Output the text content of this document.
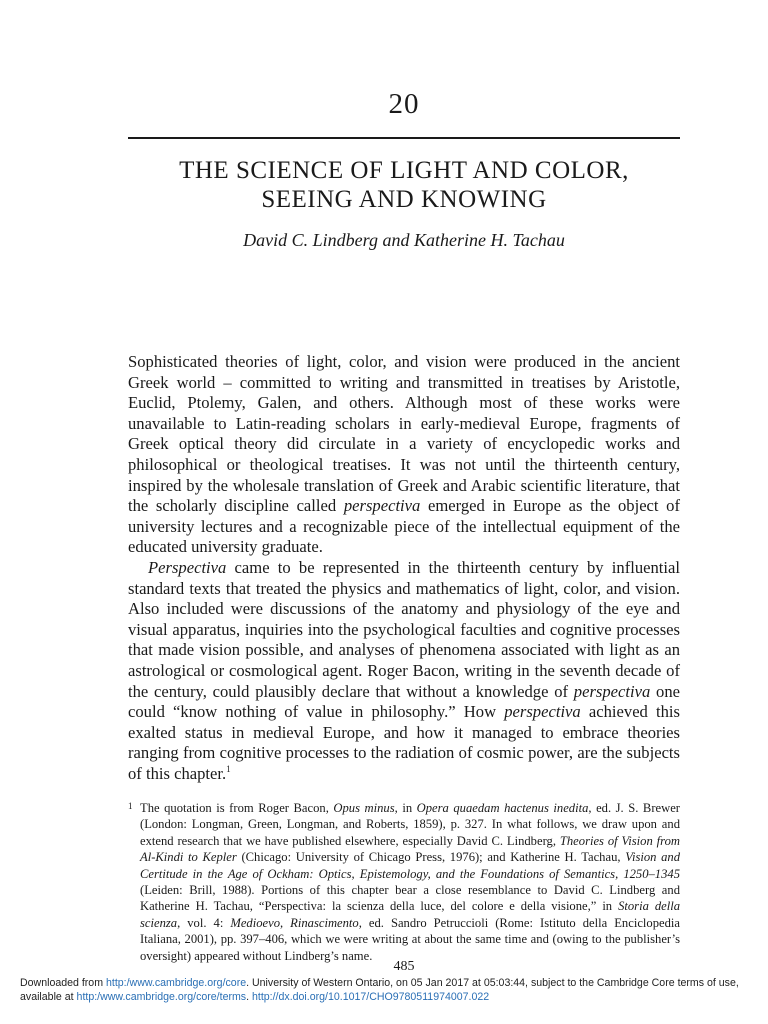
20
THE SCIENCE OF LIGHT AND COLOR,
SEEING AND KNOWING
David C. Lindberg and Katherine H. Tachau

Sophisticated theories of light, color, and vision were produced in the ancient Greek world – committed to writing and transmitted in treatises by Aristotle, Euclid, Ptolemy, Galen, and others. Although most of these works were unavailable to Latin-reading scholars in early-medieval Europe, fragments of Greek optical theory did circulate in a variety of encyclopedic works and philosophical or theological treatises. It was not until the thirteenth century, inspired by the wholesale translation of Greek and Arabic scientific literature, that the scholarly discipline called perspectiva emerged in Europe as the object of university lectures and a recognizable piece of the intellectual equipment of the educated university graduate.

Perspectiva came to be represented in the thirteenth century by influential standard texts that treated the physics and mathematics of light, color, and vision. Also included were discussions of the anatomy and physiology of the eye and visual apparatus, inquiries into the psychological faculties and cognitive processes that made vision possible, and analyses of phenomena associated with light as an astrological or cosmological agent. Roger Bacon, writing in the seventh decade of the century, could plausibly declare that without a knowledge of perspectiva one could “know nothing of value in philosophy.” How perspectiva achieved this exalted status in medieval Europe, and how it managed to embrace theories ranging from cognitive processes to the radiation of cosmic power, are the subjects of this chapter.$^1$

1 The quotation is from Roger Bacon, Opus minus, in Opera quaedam hactenus inedita, ed. J. S. Brewer (London: Longman, Green, Longman, and Roberts, 1859), p. 327. In what follows, we draw upon and extend research that we have published elsewhere, especially David C. Lindberg, Theories of Vision from Al-Kindi to Kepler (Chicago: University of Chicago Press, 1976); and Katherine H. Tachau, Vision and Certitude in the Age of Ockham: Optics, Epistemology, and the Foundations of Semantics, 1250–1345 (Leiden: Brill, 1988). Portions of this chapter bear a close resemblance to David C. Lindberg and Katherine H. Tachau, “Perspectiva: la scienza della luce, del colore e della visione,” in Storia della scienza, vol. 4: Medioevo, Rinascimento, ed. Sandro Petruccioli (Rome: Istituto della Enciclopedia Italiana, 2001), pp. 397–406, which we were writing at about the same time and (owing to the publisher’s oversight) appeared without Lindberg’s name.
485
Downloaded from http:/www.cambridge.org/core. University of Western Ontario, on 05 Jan 2017 at 05:03:44, subject to the Cambridge Core terms of use, available at http:/www.cambridge.org/core/terms. http://dx.doi.org/10.1017/CHO9780511974007.022
